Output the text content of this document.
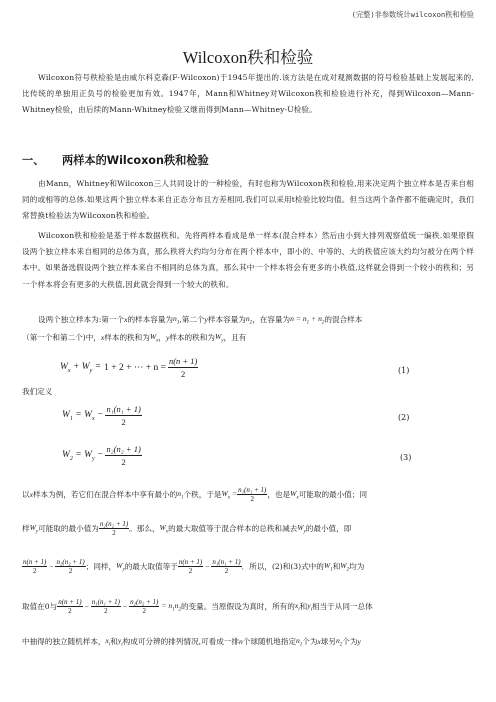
(完整)非参数统计wilcoxon秩和检验
Wilcoxon秩和检验
Wilcoxon符号秩检验是由威尔科克森(F·Wilcoxon)于1945年提出的.该方法是在成对观测数据的符号检验基础上发展起来的,比传统的单独用正负号的检验更加有效。1947年，Mann和Whitney对Wilcoxon秩和检验进行补充，得到Wilcoxon—Mann-Whitney检验，由后续的Mann-Whitney检验又继而得到Mann—Whitney-U检验。
一、 两样本的Wilcoxon秩和检验
由Mann，Whitney和Wilcoxon三人共同设计的一种检验，有时也称为Wilcoxon秩和检验,用来决定两个独立样本是否来自相同的或相等的总体.如果这两个独立样本来自正态分布且方差相同,我们可以采用t检验比较均值。但当这两个条件都不能确定时，我们常替换t检验法为Wilcoxon秩和检验。
Wilcoxon秩和检验是基于样本数据秩和。先将两样本看成是单一样本(混合样本）然后由小到大排列观察值统一编秩.如果原假设两个独立样本来自相同的总体为真，那么秩将大约均匀分布在两个样本中，即小的、中等的、大的秩值应该大约均匀被分在两个样本中。如果备选假设两个独立样本来自不相同的总体为真，那么其中一个样本将会有更多的小秩值,这样就会得到一个较小的秩和；另一个样本将会有更多的大秩值,因此就会得到一个较大的秩和。
设两个独立样本为:第一个 x 的样本容量为 $n_1$ ,第二个 y 样本容量为 $n_2$ ，在容量为 $n = n_1 + n_2$ 的混合样本
（第一个和第二个)中， x 样本的秩和为 $W_x$ ， y 样本的秩和为 $W_y$ ，且有
$W_x + W_y = 1 + 2$ + ⋯ + $n = \frac{n(n + 1)}{2}$	(1)
我们定义
$W_1 = W_x - \frac{\text{n₁(n₁ + 1)}}{2}$	(2)
$W_2 = W_y - \frac{\text{n₂(n₂ + 1)}}{2}$	(3)
以 x 样本为例，若它们在混合样本中享有最小的 $n_1$ 个秩，于是 $W_x = \frac{\text{n₁(n₁ + 1)}}{2}$ ，也是 $W_x$ 可能取的最小值；同
样 $W_y$ 可能取的最小值为 $\frac{\text{n₂(n₂ + 1)}}{2}$ 。那么， $W_x$ 的最大取值等于混合样本的总秩和减去 $W_y$ 的最小值，即
$\frac{n(n + 1)}{2} - \frac{\text{n₂(n₂ + 1)}}{2}$ ；同样， $W_y$ 的最大取值等于 $\frac{n(n + 1)}{2} - \frac{\text{n₁(n₁ + 1)}}{2}$ ．所以，(2)和(3)式中的 $W_1$ 和 $W_2$ 均为
取值在0与 $\frac{n(n + 1)}{2} - \frac{\text{n₁(n₁ + 1)}}{2} - \frac{\text{n₂(n₂ + 1)}}{2} = n_1n_2$ 的变量。当原假设为真时，所有的 $x_i$ 和 $y_i$ 相当于从同一总体
中抽得的独立随机样本， $x_i$ 和 $y_i$ 构成可分辨的排列情况,可看成一排 n 个球随机地指定 $n_1$ 个为 x 球另 $n_2$ 个为 y
